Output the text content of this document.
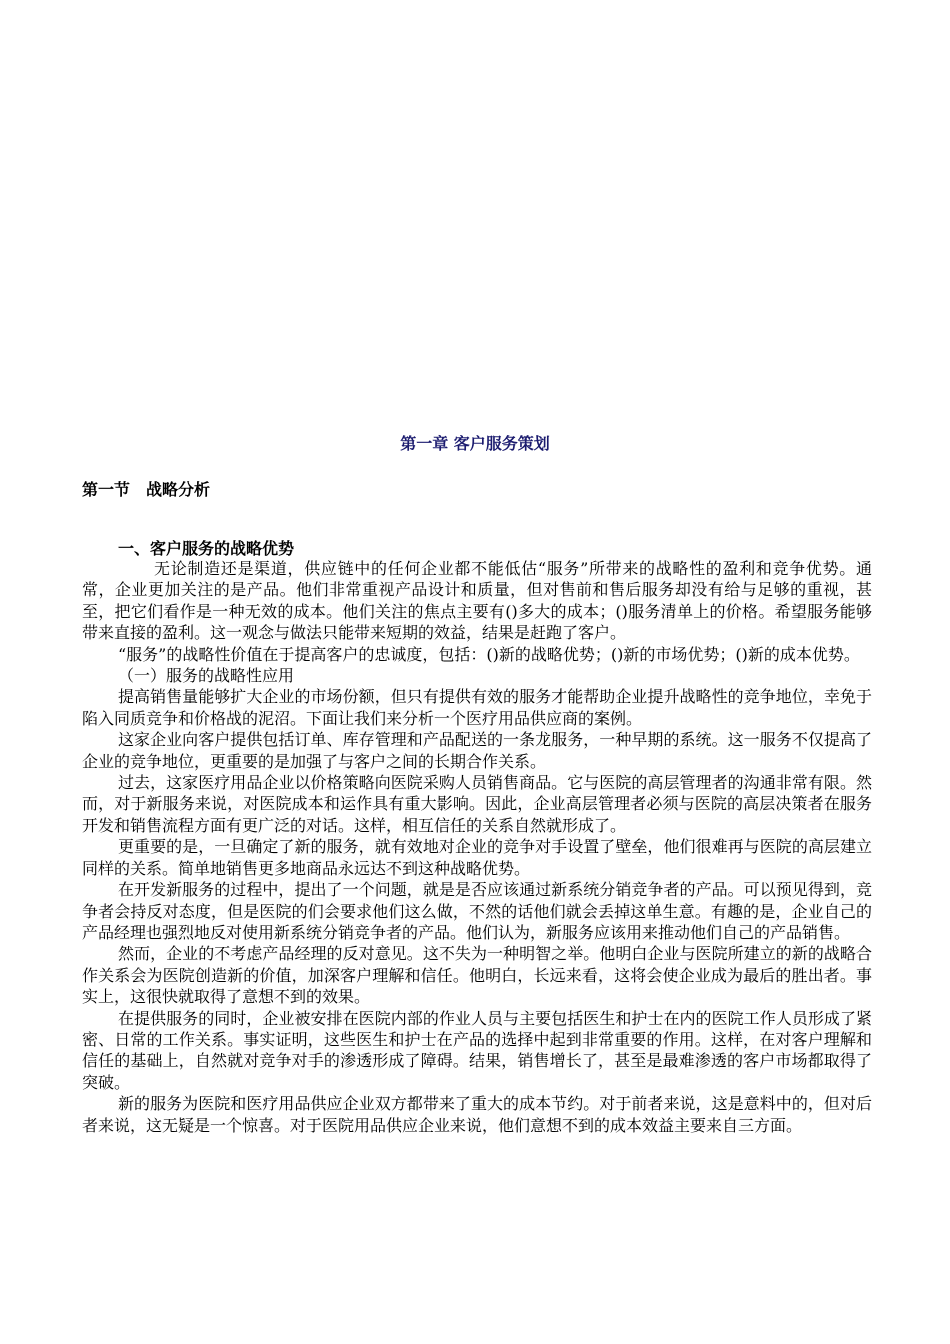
第一章 客户服务策划
第一节　战略分析
一、客户服务的战略优势

无论制造还是渠道，供应链中的任何企业都不能低估“服务”所带来的战略性的盈利和竞争优势。通常，企业更加关注的是产品。他们非常重视产品设计和质量，但对售前和售后服务却没有给与足够的重视，甚至，把它们看作是一种无效的成本。他们关注的焦点主要有()多大的成本；()服务清单上的价格。希望服务能够带来直接的盈利。这一观念与做法只能带来短期的效益，结果是赶跑了客户。

“服务”的战略性价值在于提高客户的忠诚度，包括：()新的战略优势；()新的市场优势；()新的成本优势。

（一）服务的战略性应用

提高销售量能够扩大企业的市场份额，但只有提供有效的服务才能帮助企业提升战略性的竞争地位，幸免于陷入同质竞争和价格战的泥沼。下面让我们来分析一个医疗用品供应商的案例。

这家企业向客户提供包括订单、库存管理和产品配送的一条龙服务，一种早期的系统。这一服务不仅提高了企业的竞争地位，更重要的是加强了与客户之间的长期合作关系。

过去，这家医疗用品企业以价格策略向医院采购人员销售商品。它与医院的高层管理者的沟通非常有限。然而，对于新服务来说，对医院成本和运作具有重大影响。因此，企业高层管理者必须与医院的高层决策者在服务开发和销售流程方面有更广泛的对话。这样，相互信任的关系自然就形成了。

更重要的是，一旦确定了新的服务，就有效地对企业的竞争对手设置了壁垒，他们很难再与医院的高层建立同样的关系。简单地销售更多地商品永远达不到这种战略优势。

在开发新服务的过程中，提出了一个问题，就是是否应该通过新系统分销竞争者的产品。可以预见得到，竞争者会持反对态度，但是医院的们会要求他们这么做，不然的话他们就会丢掉这单生意。有趣的是，企业自己的产品经理也强烈地反对使用新系统分销竞争者的产品。他们认为，新服务应该用来推动他们自己的产品销售。

然而，企业的不考虑产品经理的反对意见。这不失为一种明智之举。他明白企业与医院所建立的新的战略合作关系会为医院创造新的价值，加深客户理解和信任。他明白，长远来看，这将会使企业成为最后的胜出者。事实上，这很快就取得了意想不到的效果。

在提供服务的同时，企业被安排在医院内部的作业人员与主要包括医生和护士在内的医院工作人员形成了紧密、日常的工作关系。事实证明，这些医生和护士在产品的选择中起到非常重要的作用。这样，在对客户理解和信任的基础上，自然就对竞争对手的渗透形成了障碍。结果，销售增长了，甚至是最难渗透的客户市场都取得了突破。

新的服务为医院和医疗用品供应企业双方都带来了重大的成本节约。对于前者来说，这是意料中的，但对后者来说，这无疑是一个惊喜。对于医院用品供应企业来说，他们意想不到的成本效益主要来自三方面。
